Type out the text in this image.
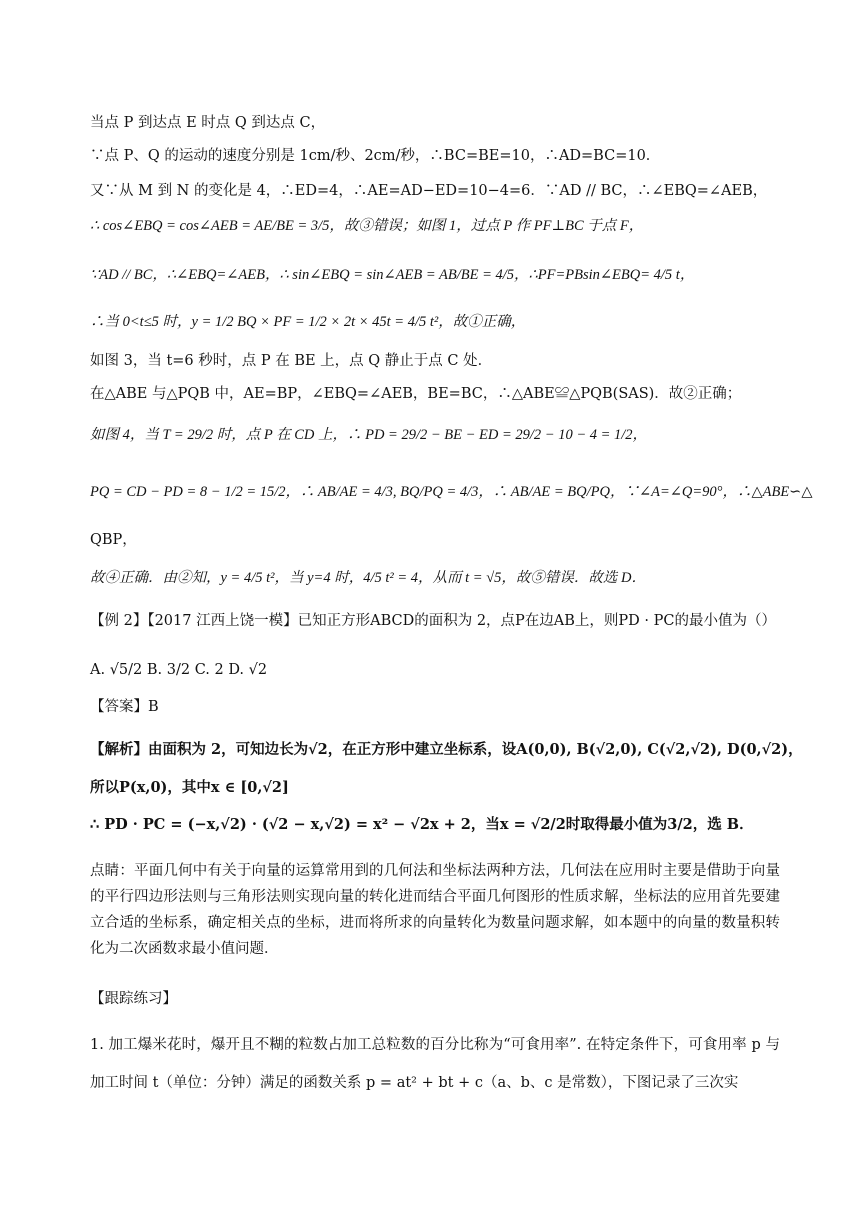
当点 P 到达点 E 时点 Q 到达点 C，
∵点 P、Q 的运动的速度分别是 1cm/秒、2cm/秒，∴BC=BE=10，∴AD=BC=10．
又∵从 M 到 N 的变化是 4，∴ED=4，∴AE=AD−ED=10−4=6．∵AD // BC，∴∠EBQ=∠AEB，
∴ cos∠EBQ = cos∠AEB = AE/BE = 3/5，故③错误；如图 1，过点 P 作 PF⊥BC 于点 F，
∵AD // BC，∴∠EBQ=∠AEB，∴ sin∠EBQ = sin∠AEB = AB/BE = 4/5，∴PF=PBsin∠EBQ= 4/5 t，
∴当 0<t≤5 时，y = 1/2 BQ × PF = 1/2 × 2t × 45t = 4/5 t²，故①正确，
如图 3，当 t=6 秒时，点 P 在 BE 上，点 Q 静止于点 C 处．
在△ABE 与△PQB 中，AE=BP，∠EBQ=∠AEB，BE=BC，∴△ABE≌△PQB(SAS)．故②正确；
如图 4，当 T = 29/2 时，点 P 在 CD 上，∴ PD = 29/2 − BE − ED = 29/2 − 10 − 4 = 1/2，
PQ = CD − PD = 8 − 1/2 = 15/2，∴ AB/AE = 4/3, BQ/PQ = 4/3，∴ AB/AE = BQ/PQ，∵∠A=∠Q=90°，∴△ABE∽△
QBP，
故④正确．由②知，y = 4/5 t²，当 y=4 时，4/5 t² = 4，从而 t = √5，故⑤错误．故选 D．
【例 2】【2017 江西上饶一模】已知正方形ABCD的面积为 2，点P在边AB上，则PD · PC的最小值为（）
A. √5/2 B. 3/2 C. 2 D. √2
【答案】B
【解析】由面积为 2，可知边长为√2，在正方形中建立坐标系，设A(0,0), B(√2,0), C(√2,√2), D(0,√2)，
所以P(x,0)，其中x ∈ [0,√2]
∴ PD · PC = (−x,√2) · (√2 − x,√2) = x² − √2x + 2，当x = √2/2时取得最小值为3/2，选 B．
点睛：平面几何中有关于向量的运算常用到的几何法和坐标法两种方法，几何法在应用时主要是借助于向量的平行四边形法则与三角形法则实现向量的转化进而结合平面几何图形的性质求解，坐标法的应用首先要建立合适的坐标系，确定相关点的坐标，进而将所求的向量转化为数量问题求解，如本题中的向量的数量积转化为二次函数求最小值问题．
【跟踪练习】
1. 加工爆米花时，爆开且不糊的粒数占加工总粒数的百分比称为“可食用率”. 在特定条件下，可食用率 p 与加工时间 t（单位：分钟）满足的函数关系 p = at² + bt + c（a、b、c 是常数），下图记录了三次实
